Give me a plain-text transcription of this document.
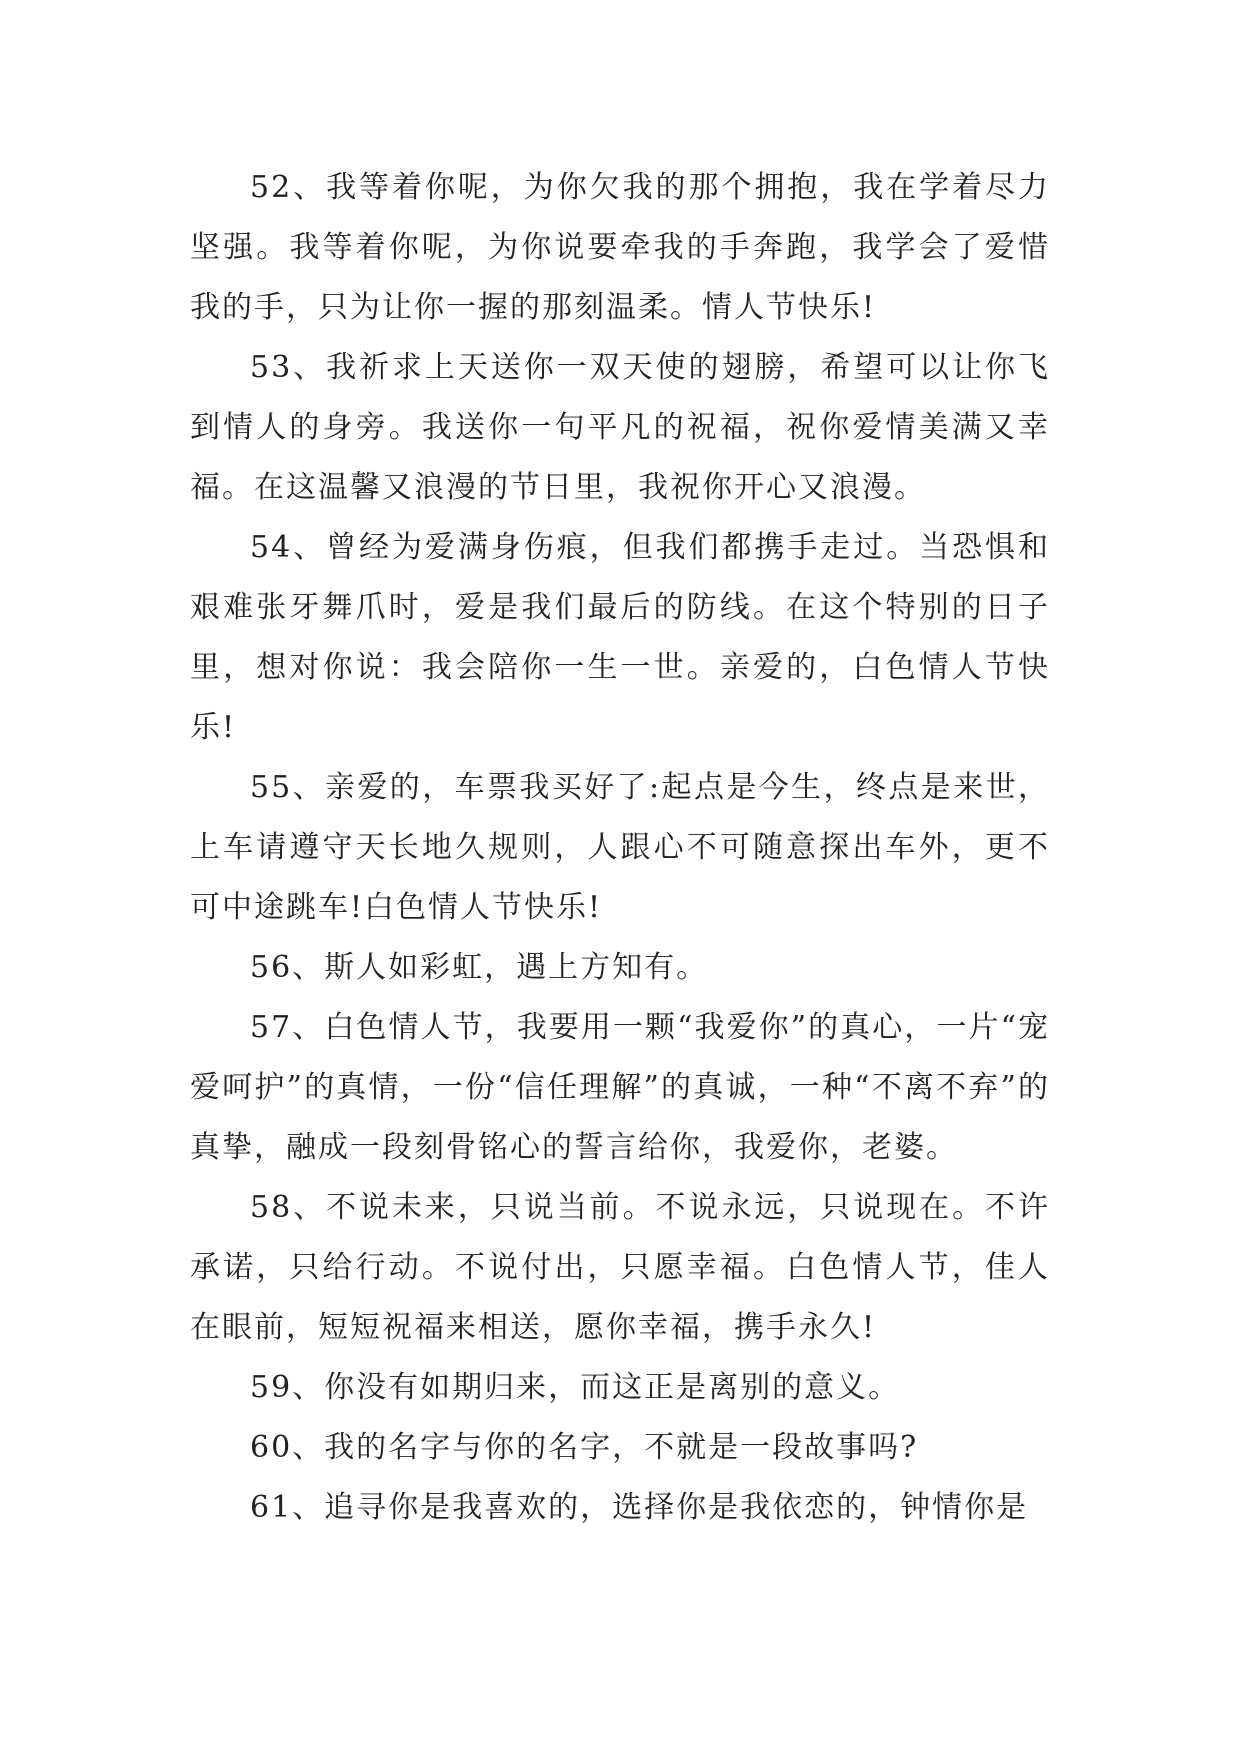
52、我等着你呢，为你欠我的那个拥抱，我在学着尽力坚强。我等着你呢，为你说要牵我的手奔跑，我学会了爱惜我的手，只为让你一握的那刻温柔。情人节快乐!

53、我祈求上天送你一双天使的翅膀，希望可以让你飞到情人的身旁。我送你一句平凡的祝福，祝你爱情美满又幸福。在这温馨又浪漫的节日里，我祝你开心又浪漫。

54、曾经为爱满身伤痕，但我们都携手走过。当恐惧和艰难张牙舞爪时，爱是我们最后的防线。在这个特别的日子里，想对你说：我会陪你一生一世。亲爱的，白色情人节快乐!

55、亲爱的，车票我买好了:起点是今生，终点是来世，上车请遵守天长地久规则，人跟心不可随意探出车外，更不可中途跳车!白色情人节快乐!

56、斯人如彩虹，遇上方知有。

57、白色情人节，我要用一颗“我爱你”的真心，一片“宠爱呵护”的真情，一份“信任理解”的真诚，一种“不离不弃”的真挚，融成一段刻骨铭心的誓言给你，我爱你，老婆。

58、不说未来，只说当前。不说永远，只说现在。不许承诺，只给行动。不说付出，只愿幸福。白色情人节，佳人在眼前，短短祝福来相送，愿你幸福，携手永久!

59、你没有如期归来，而这正是离别的意义。

60、我的名字与你的名字，不就是一段故事吗?

61、追寻你是我喜欢的，选择你是我依恋的，钟情你是
